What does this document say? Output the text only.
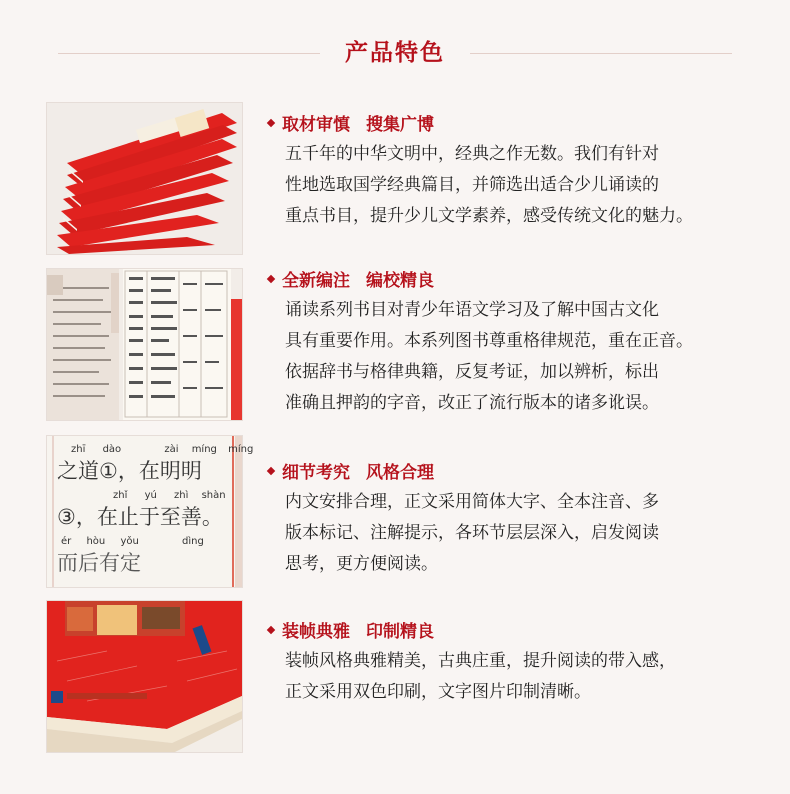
产品特色
取材审慎 搜集广博
五千年的中华文明中，经典之作无数。我们有针对
性地选取国学经典篇目，并筛选出适合少儿诵读的
重点书目，提升少儿文学素养，感受传统文化的魅力。
全新编注 编校精良
诵读系列书目对青少年语文学习及了解中国古文化
具有重要作用。本系列图书尊重格律规范，重在正音。
依据辞书与格律典籍，反复考证，加以辨析，标出
准确且押韵的字音，改正了流行版本的诸多讹误。
zhī dào	zài míng míng
之道①，在明明
zhǐ yú zhì shàn
③，在止于至善。
ér hòu yǒu	dìng
而后有定
细节考究 风格合理
内文安排合理，正文采用简体大字、全本注音、多
版本标记、注解提示，各环节层层深入，启发阅读
思考，更方便阅读。
装帧典雅 印制精良
装帧风格典雅精美，古典庄重，提升阅读的带入感，
正文采用双色印刷，文字图片印制清晰。
